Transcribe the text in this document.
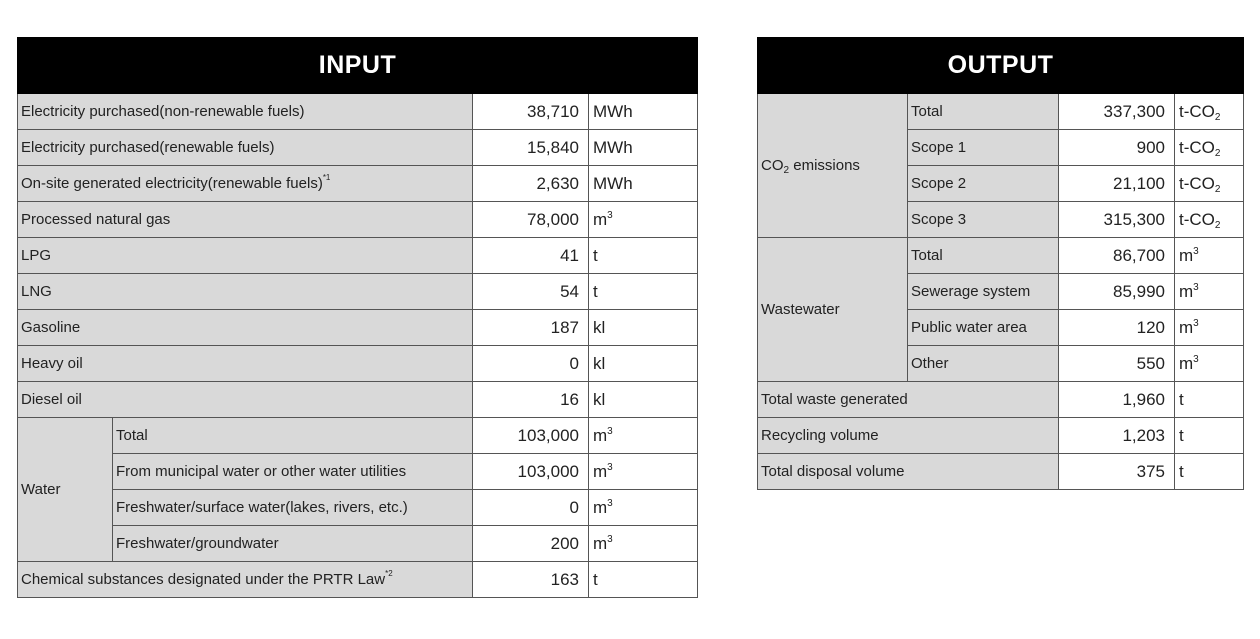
INPUT			
Electricity purchased(non-renewable fuels)		38,710	MWh
Electricity purchased(renewable fuels)		15,840	MWh
On-site generated electricity(renewable fuels)$^{*1}$		2,630	MWh
Processed natural gas		78,000	$m^3$
LPG		41	t
LNG		54	t
Gasoline		187	kl
Heavy oil		0	kl
Diesel oil		16	kl
Water	Total	103,000	$m^3$
	From municipal water or other water utilities	103,000	$m^3$
	Freshwater/surface water(lakes, rivers, etc.)	0	$m^3$
	Freshwater/groundwater	200	$m^3$
Chemical substances designated under the PRTR Law$^{*2}$		163	t
OUTPUT			
$CO_2$ emissions	Total	337,300	$t-CO_2$
	Scope 1	900	$t-CO_2$
	Scope 2	21,100	$t-CO_2$
	Scope 3	315,300	$t-CO_2$
Wastewater	Total	86,700	$m^3$
	Sewerage system	85,990	$m^3$
	Public water area	120	$m^3$
	Other	550	$m^3$
Total waste generated		1,960	t
Recycling volume		1,203	t
Total disposal volume		375	t
